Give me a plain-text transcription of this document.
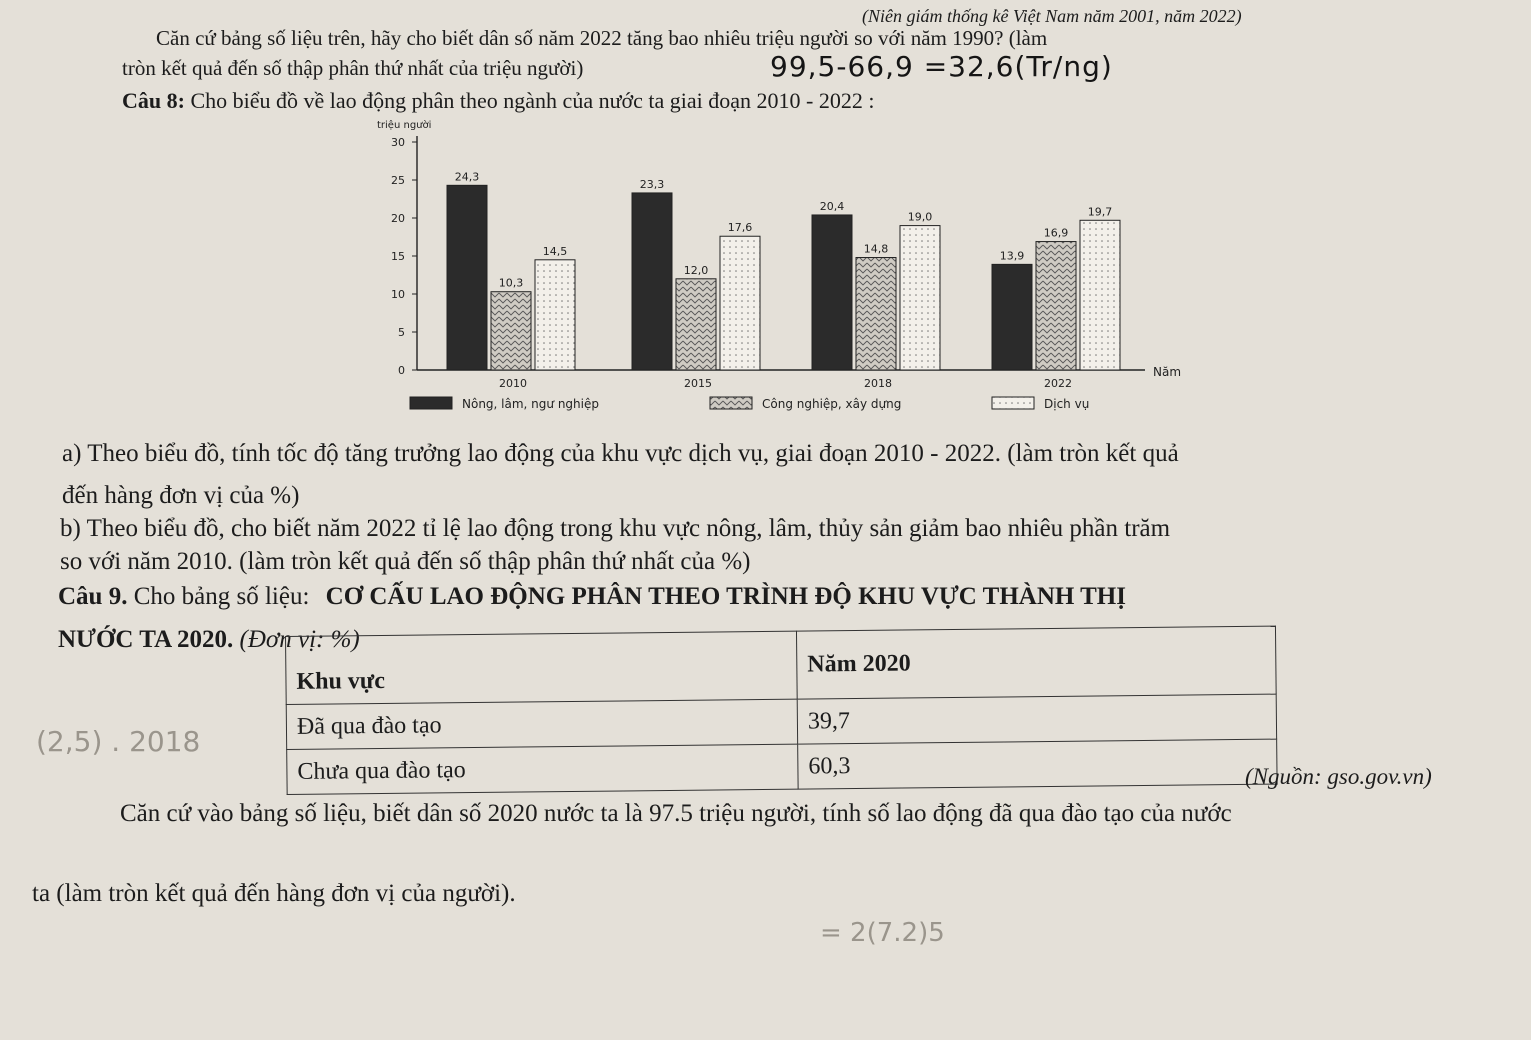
(Niên giám thống kê Việt Nam năm 2001, năm 2022)
Căn cứ bảng số liệu trên, hãy cho biết dân số năm 2022 tăng bao nhiêu triệu người so với năm 1990? (làm
tròn kết quả đến số thập phân thứ nhất của triệu người)	99,5-66,9 =32,6(Tr/ng)
Câu 8: Cho biểu đồ về lao động phân theo ngành của nước ta giai đoạn 2010 - 2022 :
triệu người
Năm
0
5
10
15
20
25
30
2010	2015	2018	2022
24,3
10,3
14,5
23,3
12,0
17,6
20,4
14,8
19,0
13,9
16,9
19,7
Nông, lâm, ngư nghiệp	Công nghiệp, xây dựng	Dịch vụ
a) Theo biểu đồ, tính tốc độ tăng trưởng lao động của khu vực dịch vụ, giai đoạn 2010 - 2022. (làm tròn kết quả
đến hàng đơn vị của %)
b) Theo biểu đồ, cho biết năm 2022 tỉ lệ lao động trong khu vực nông, lâm, thủy sản giảm bao nhiêu phần trăm
so với năm 2010. (làm tròn kết quả đến số thập phân thứ nhất của %)
Câu 9. Cho bảng số liệu: CƠ CẤU LAO ĐỘNG PHÂN THEO TRÌNH ĐỘ KHU VỰC THÀNH THỊ
NƯỚC TA 2020. (Đơn vị: %)
Khu vực	Năm 2020
Đã qua đào tạo	39,7
Chưa qua đào tạo	60,3	(Nguồn: gso.gov.vn)
Căn cứ vào bảng số liệu, biết dân số 2020 nước ta là 97.5 triệu người, tính số lao động đã qua đào tạo của nước
ta (làm tròn kết quả đến hàng đơn vị của người).
(2,5) . 2018
= 2(7.2)5
